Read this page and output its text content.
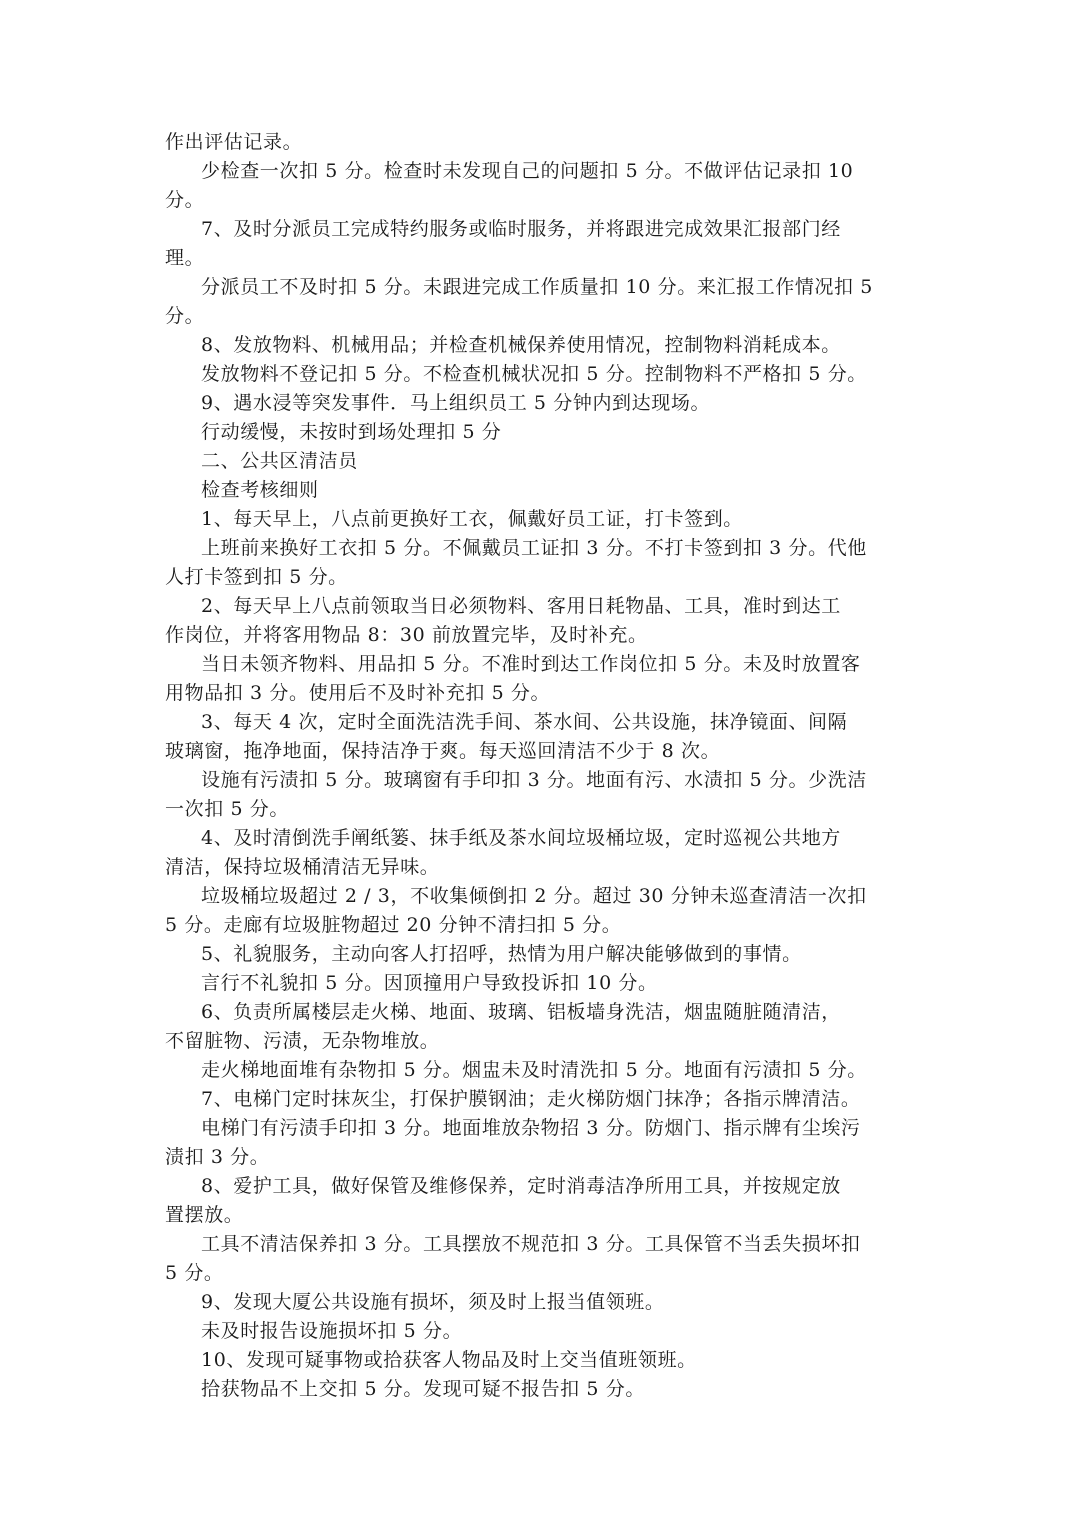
作出评估记录。
少检查一次扣 5 分。检查时未发现自己的问题扣 5 分。不做评估记录扣 10
分。
7、及时分派员工完成特约服务或临时服务，并将跟进完成效果汇报部门经
理。
分派员工不及时扣 5 分。未跟进完成工作质量扣 10 分。来汇报工作情况扣 5
分。
8、发放物料、机械用品；并检查机械保养使用情况，控制物料消耗成本。
发放物料不登记扣 5 分。不检查机械状况扣 5 分。控制物料不严格扣 5 分。
9、遇水浸等突发事件．马上组织员工 5 分钟内到达现场。
行动缓慢，未按时到场处理扣 5 分
二、公共区清洁员
检查考核细则
1、每天早上，八点前更换好工衣，佩戴好员工证，打卡签到。
上班前来换好工衣扣 5 分。不佩戴员工证扣 3 分。不打卡签到扣 3 分。代他
人打卡签到扣 5 分。
2、每天早上八点前领取当日必须物料、客用日耗物晶、工具，准时到达工
作岗位，并将客用物品 8：30 前放置完毕，及时补充。
当日未领齐物料、用品扣 5 分。不准时到达工作岗位扣 5 分。未及时放置客
用物品扣 3 分。使用后不及时补充扣 5 分。
3、每天 4 次，定时全面洗洁洗手间、茶水间、公共设施，抹净镜面、间隔
玻璃窗，拖净地面，保持洁净于爽。每天巡回清洁不少于 8 次。
设施有污渍扣 5 分。玻璃窗有手印扣 3 分。地面有污、水渍扣 5 分。少洗洁
一次扣 5 分。
4、及时清倒洗手阐纸篓、抹手纸及茶水间垃圾桶垃圾，定时巡视公共地方
清洁，保持垃圾桶清洁无异味。
垃圾桶垃圾超过 2 / 3，不收集倾倒扣 2 分。超过 30 分钟未巡查清洁一次扣
5 分。走廊有垃圾脏物超过 20 分钟不清扫扣 5 分。
5、礼貌服务，主动向客人打招呼，热情为用户解决能够做到的事情。
言行不礼貌扣 5 分。因顶撞用户导致投诉扣 10 分。
6、负责所属楼层走火梯、地面、玻璃、铝板墙身洗洁，烟盅随脏随清洁，
不留脏物、污渍，无杂物堆放。
走火梯地面堆有杂物扣 5 分。烟盅未及时清洗扣 5 分。地面有污渍扣 5 分。
7、电梯门定时抹灰尘，打保护膜钢油；走火梯防烟门抹净；各指示牌清洁。
电梯门有污渍手印扣 3 分。地面堆放杂物招 3 分。防烟门、指示牌有尘埃污
渍扣 3 分。
8、爱护工具，做好保管及维修保养，定时消毒洁净所用工具，并按规定放
置摆放。
工具不清洁保养扣 3 分。工具摆放不规范扣 3 分。工具保管不当丢失损坏扣
5 分。
9、发现大厦公共设施有损坏，须及时上报当值领班。
未及时报告设施损坏扣 5 分。
10、发现可疑事物或拾获客人物品及时上交当值班领班。
拾获物品不上交扣 5 分。发现可疑不报告扣 5 分。
